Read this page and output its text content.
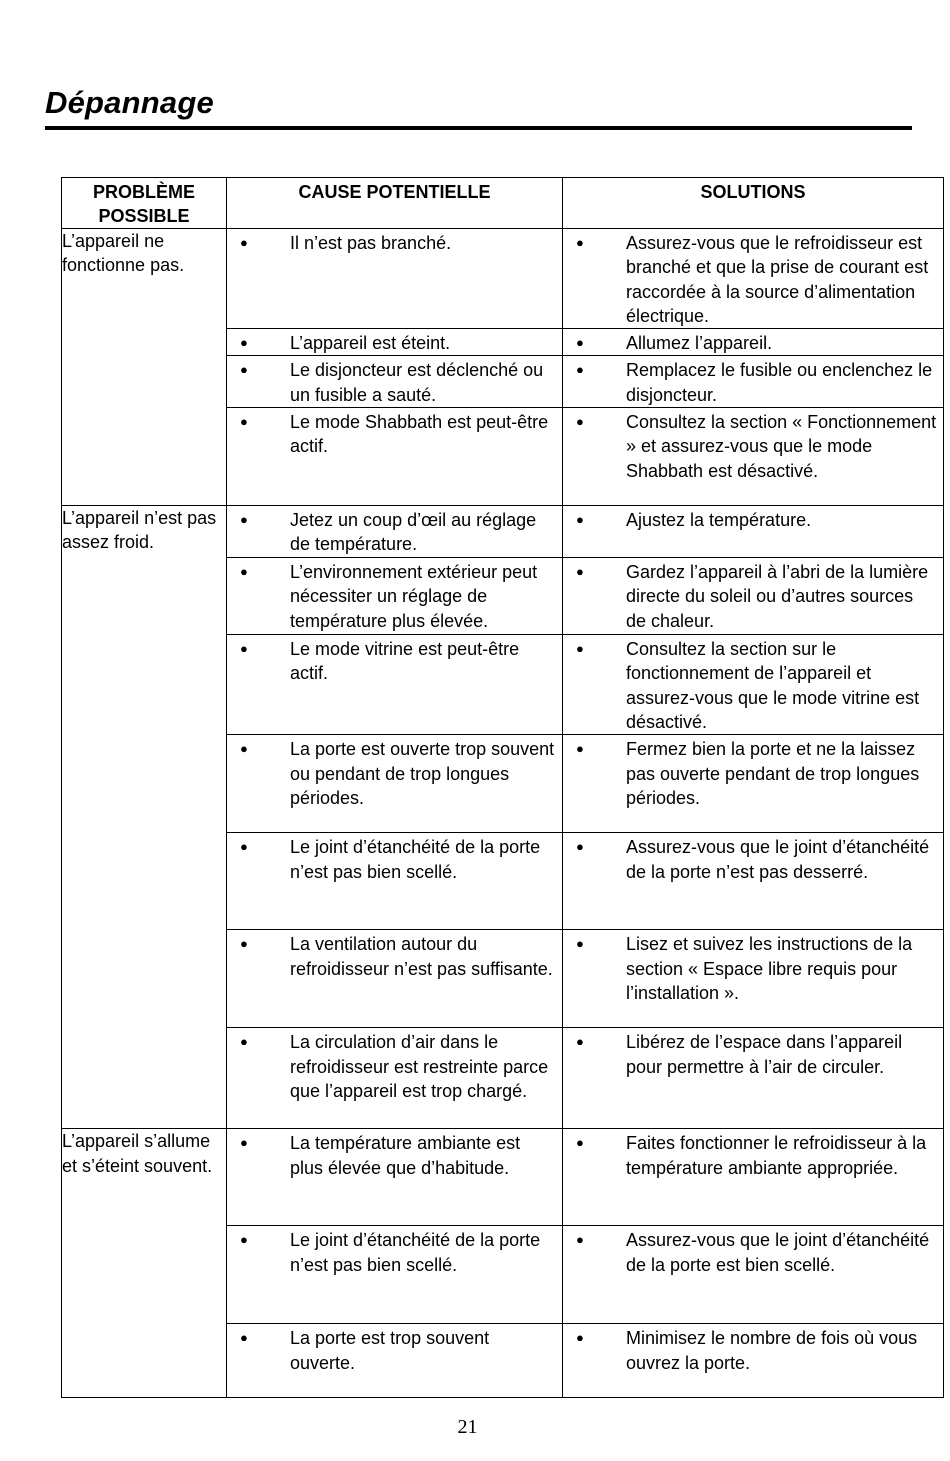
Dépannage
PROBLÈME POSSIBLE	CAUSE POTENTIELLE	SOLUTIONS
L’appareil ne fonctionne pas.	● Il n’est pas branché.	● Assurez-vous que le refroidisseur est branché et que la prise de courant est raccordée à la source d’alimentation électrique.

	● L’appareil est éteint.	● Allumez l’appareil.

	● Le disjoncteur est déclenché ou un fusible a sauté.	● Remplacez le fusible ou enclenchez le disjoncteur.

	● Le mode Shabbath est peut-être actif.	● Consultez la section « Fonctionnement » et assurez-vous que le mode Shabbath est désactivé.

L’appareil n’est pas assez froid.	● Jetez un coup d’œil au réglage de température.	● Ajustez la température.

	● L’environnement extérieur peut nécessiter un réglage de température plus élevée.	● Gardez l’appareil à l’abri de la lumière directe du soleil ou d’autres sources de chaleur.

	● Le mode vitrine est peut-être actif.	● Consultez la section sur le fonctionnement de l’appareil et assurez-vous que le mode vitrine est désactivé.

	● La porte est ouverte trop souvent ou pendant de trop longues périodes.	● Fermez bien la porte et ne la laissez pas ouverte pendant de trop longues périodes.

	● Le joint d’étanchéité de la porte n’est pas bien scellé.	● Assurez-vous que le joint d’étanchéité de la porte n’est pas desserré.

	● La ventilation autour du refroidisseur n’est pas suffisante.	● Lisez et suivez les instructions de la section « Espace libre requis pour l’installation ».

	● La circulation d’air dans le refroidisseur est restreinte parce que l’appareil est trop chargé.	● Libérez de l’espace dans l’appareil pour permettre à l’air de circuler.

L’appareil s’allume et s’éteint souvent.	● La température ambiante est plus élevée que d’habitude.	● Faites fonctionner le refroidisseur à la température ambiante appropriée.

	● Le joint d’étanchéité de la porte n’est pas bien scellé.	● Assurez-vous que le joint d’étanchéité de la porte est bien scellé.

	● La porte est trop souvent ouverte.	● Minimisez le nombre de fois où vous ouvrez la porte.
21
